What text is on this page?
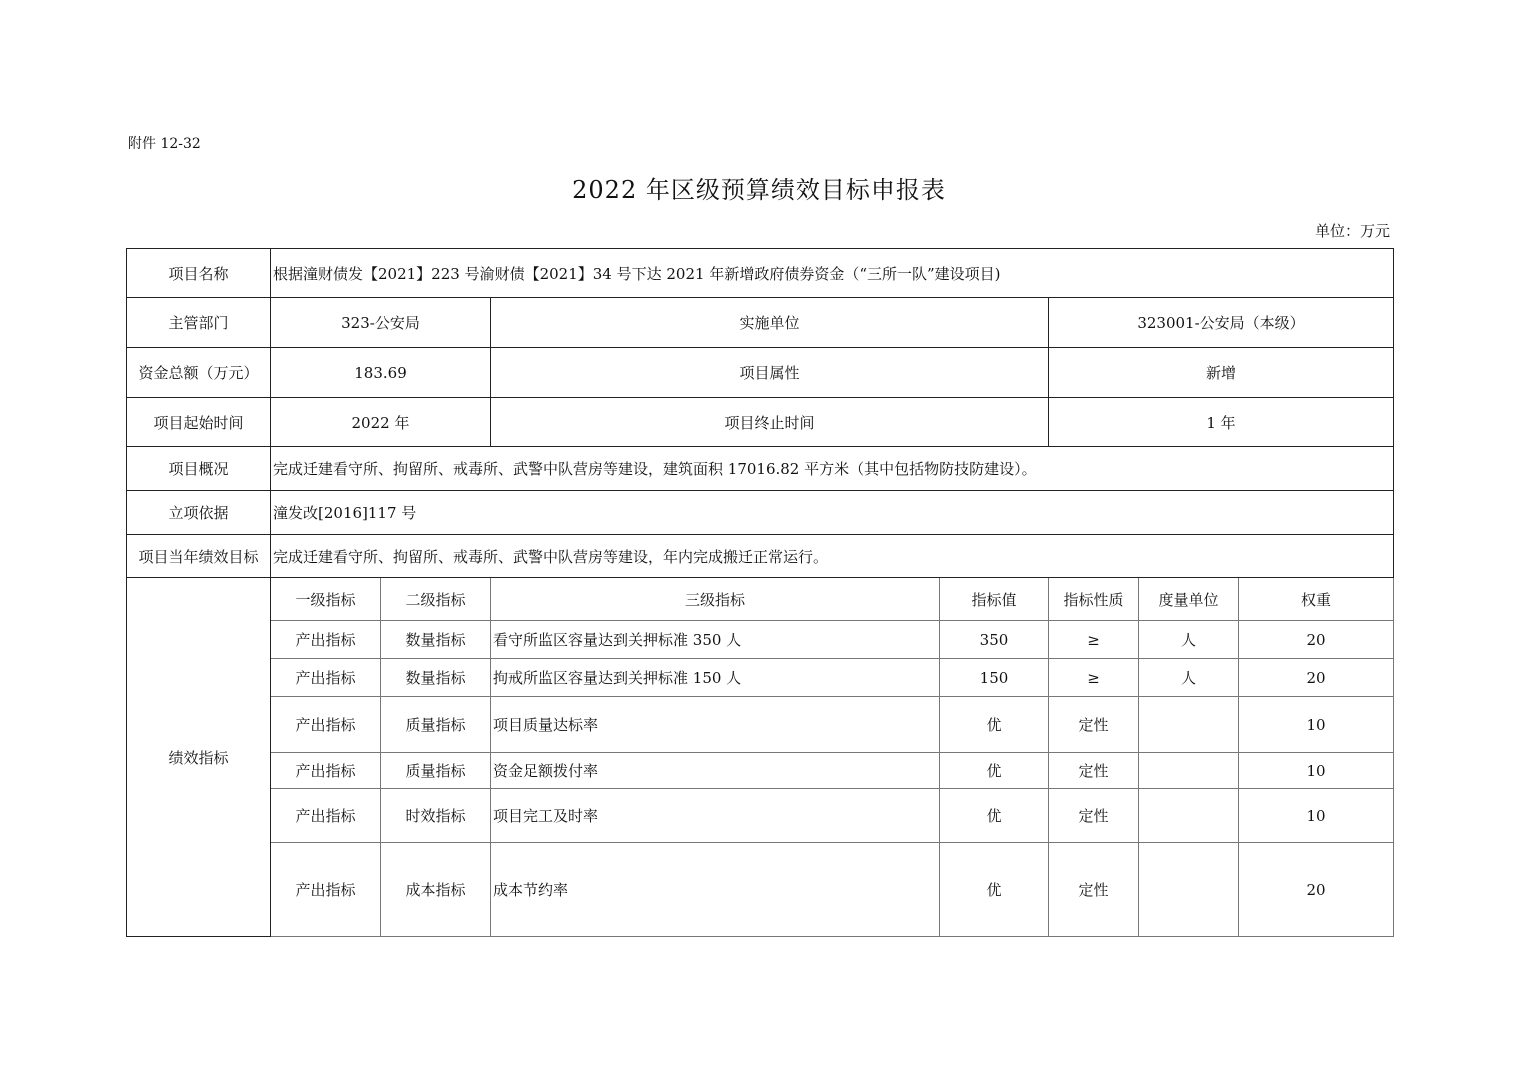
附件 12-32
2022 年区级预算绩效目标申报表
单位：万元
项目名称	根据潼财债发【2021】223 号渝财债【2021】34 号下达 2021 年新增政府债券资金（“三所一队”建设项目)						
主管部门	323-公安局		实施单位		323001-公安局（本级）		
资金总额（万元）	183.69		项目属性		新增		
项目起始时间	2022 年		项目终止时间		1 年		
项目概况	完成迁建看守所、拘留所、戒毒所、武警中队营房等建设，建筑面积 17016.82 平方米（其中包括物防技防建设）。						
立项依据	潼发改[2016]117 号						
项目当年绩效目标	完成迁建看守所、拘留所、戒毒所、武警中队营房等建设，年内完成搬迁正常运行。						
绩效指标	一级指标	二级指标	三级指标	指标值	指标性质	度量单位	权重
	产出指标	数量指标	看守所监区容量达到关押标准 350 人	350	≥	人	20
	产出指标	数量指标	拘戒所监区容量达到关押标准 150 人	150	≥	人	20
	产出指标	质量指标	项目质量达标率	优	定性		10
	产出指标	质量指标	资金足额拨付率	优	定性		10
	产出指标	时效指标	项目完工及时率	优	定性		10
	产出指标	成本指标	成本节约率	优	定性		20
